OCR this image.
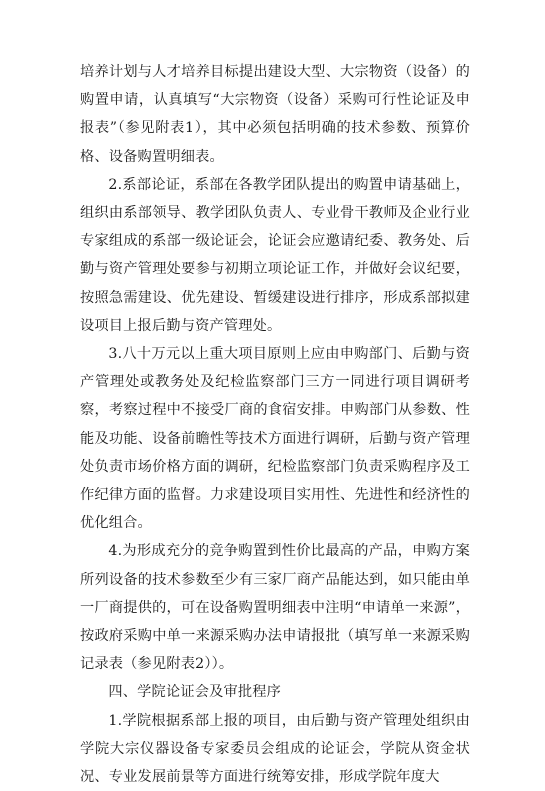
培养计划与人才培养目标提出建设大型、大宗物资（设备）的购置申请，认真填写“大宗物资（设备）采购可行性论证及申报表”（参见附表1），其中必须包括明确的技术参数、预算价格、设备购置明细表。

2.系部论证，系部在各教学团队提出的购置申请基础上，组织由系部领导、教学团队负责人、专业骨干教师及企业行业专家组成的系部一级论证会，论证会应邀请纪委、教务处、后勤与资产管理处要参与初期立项论证工作，并做好会议纪要，按照急需建设、优先建设、暂缓建设进行排序，形成系部拟建设项目上报后勤与资产管理处。

3.八十万元以上重大项目原则上应由申购部门、后勤与资产管理处或教务处及纪检监察部门三方一同进行项目调研考察，考察过程中不接受厂商的食宿安排。申购部门从参数、性能及功能、设备前瞻性等技术方面进行调研，后勤与资产管理处负责市场价格方面的调研，纪检监察部门负责采购程序及工作纪律方面的监督。力求建设项目实用性、先进性和经济性的优化组合。

4.为形成充分的竞争购置到性价比最高的产品，申购方案所列设备的技术参数至少有三家厂商产品能达到，如只能由单一厂商提供的，可在设备购置明细表中注明“申请单一来源”，按政府采购中单一来源采购办法申请报批（填写单一来源采购记录表（参见附表2））。

四、学院论证会及审批程序

1.学院根据系部上报的项目，由后勤与资产管理处组织由学院大宗仪器设备专家委员会组成的论证会，学院从资金状况、专业发展前景等方面进行统筹安排，形成学院年度大
